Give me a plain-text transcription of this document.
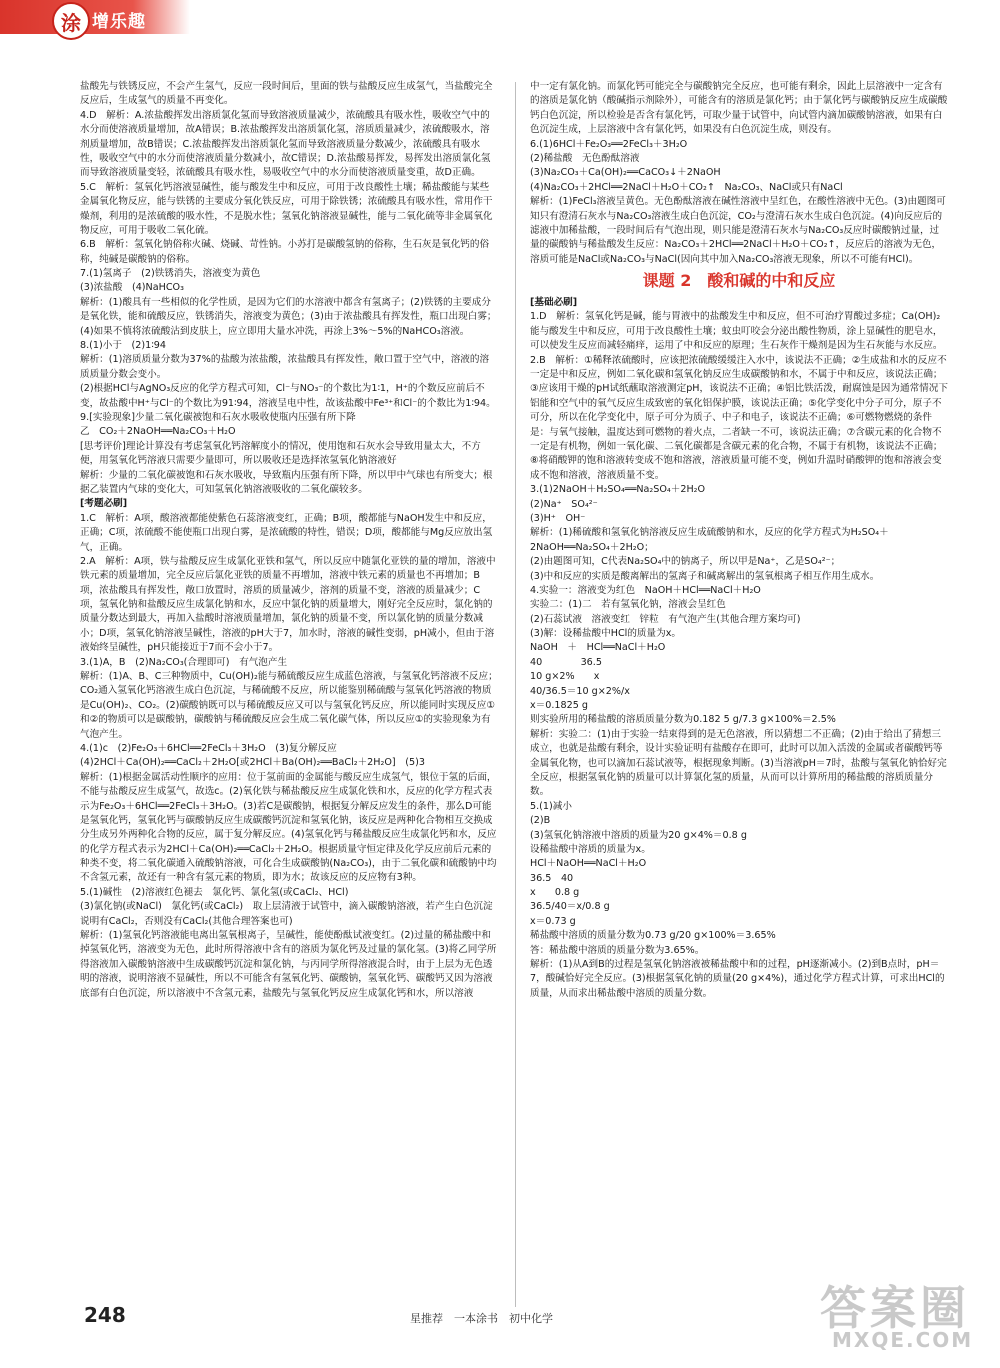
涂 增乐趣

盐酸先与铁锈反应，不会产生氢气，反应一段时间后，里面的铁与盐酸反应生成氢气，当盐酸完全反应后，生成氢气的质量不再变化。

4.D　解析：A.浓盐酸挥发出溶质氯化氢而导致溶液质量减少，浓硫酸具有吸水性，吸收空气中的水分而使溶液质量增加，故A错误；B.浓盐酸挥发出溶质氯化氢，溶质质量减少，浓硫酸吸水，溶剂质量增加，故B错误；C.浓盐酸挥发出溶质氯化氢而导致溶液质量分数减少，浓硫酸具有吸水性，吸收空气中的水分而使溶液质量分数减小，故C错误；D.浓盐酸易挥发，易挥发出溶质氯化氢而导致溶液质量变轻，浓硫酸具有吸水性，易吸收空气中的水分而使溶液质量变重，故D正确。

5.C　解析：氢氧化钙溶液显碱性，能与酸发生中和反应，可用于改良酸性土壤；稀盐酸能与某些金属氧化物反应，能与铁锈的主要成分氧化铁反应，可用于除铁锈；浓硫酸具有吸水性，常用作干燥剂，利用的是浓硫酸的吸水性，不是脱水性；氢氧化钠溶液显碱性，能与二氧化硫等非金属氧化物反应，可用于吸收二氧化硫。

6.B　解析：氢氧化钠俗称火碱、烧碱、苛性钠。小苏打是碳酸氢钠的俗称，生石灰是氧化钙的俗称，纯碱是碳酸钠的俗称。

7.(1)氢离子　(2)铁锈消失，溶液变为黄色
(3)浓盐酸　(4)NaHCO₃

解析：(1)酸具有一些相似的化学性质，是因为它们的水溶液中都含有氢离子；(2)铁锈的主要成分是氧化铁，能和硫酸反应，铁锈消失，溶液变为黄色；(3)由于浓盐酸具有挥发性，瓶口出现白雾；(4)如果不慎将浓硫酸沾到皮肤上，应立即用大量水冲洗，再涂上3%～5%的NaHCO₃溶液。

8.(1)小于　(2)1∶94

解析：(1)溶质质量分数为37%的盐酸为浓盐酸，浓盐酸具有挥发性，敞口置于空气中，溶液的溶质质量分数会变小。
(2)根据HCl与AgNO₃反应的化学方程式可知，Cl⁻与NO₃⁻的个数比为1∶1，H⁺的个数反应前后不变，故盐酸中H⁺与Cl⁻的个数比为91∶94，溶液呈电中性，故该盐酸中Fe³⁺和Cl⁻的个数比为1∶94。

9.[实验现象]少量二氧化碳被饱和石灰水吸收使瓶内压强有所下降
乙　CO₂＋2NaOH══Na₂CO₃＋H₂O
[思考评价]理论计算没有考虑氢氧化钙溶解度小的情况，使用饱和石灰水会导致用量太大，不方便，用氢氧化钙溶液只需要少量即可，所以吸收还是选择浓氢氧化钠溶液好

解析：少量的二氧化碳被饱和石灰水吸收，导致瓶内压强有所下降，所以甲中气球也有所变大；根据乙装置内气球的变化大，可知氢氧化钠溶液吸收的二氧化碳较多。

[考题必刷]

1.C　解析：A项，酸溶液都能使紫色石蕊溶液变红，正确；B项，酸都能与NaOH发生中和反应，正确；C项，浓硫酸不能使瓶口出现白雾，是浓硫酸的特性，错误；D项，酸都能与Mg反应放出氢气，正确。

2.A　解析：A项，铁与盐酸反应生成氯化亚铁和氢气，所以反应中随氯化亚铁的量的增加，溶液中铁元素的质量增加，完全反应后氯化亚铁的质量不再增加，溶液中铁元素的质量也不再增加；B项，浓盐酸具有挥发性，敞口放置时，溶质的质量减少，溶剂的质量不变，溶液的质量减少；C项，氢氧化钠和盐酸反应生成氯化钠和水，反应中氯化钠的质量增大，刚好完全反应时，氯化钠的质量分数达到最大，再加入盐酸时溶液质量增加，氯化钠的质量不变，所以氯化钠的质量分数减小；D项，氢氧化钠溶液呈碱性，溶液的pH大于7，加水时，溶液的碱性变弱，pH减小，但由于溶液始终呈碱性，pH只能接近于7而不会小于7。

3.(1)A，B　(2)Na₂CO₃(合理即可)　有气泡产生

解析：(1)A、B、C三种物质中，Cu(OH)₂能与稀硫酸反应生成蓝色溶液，与氢氧化钙溶液不反应；CO₂通入氢氧化钙溶液生成白色沉淀，与稀硫酸不反应，所以能鉴别稀硫酸与氢氧化钙溶液的物质是Cu(OH)₂、CO₂。(2)碳酸钠既可以与稀硫酸反应又可以与氢氧化钙反应，所以能同时实现反应①和②的物质可以是碳酸钠，碳酸钠与稀硫酸反应会生成二氧化碳气体，所以反应①的实验现象为有气泡产生。

4.(1)c　(2)Fe₂O₃＋6HCl══2FeCl₃＋3H₂O　(3)复分解反应
(4)2HCl＋Ca(OH)₂══CaCl₂＋2H₂O[或2HCl＋Ba(OH)₂══BaCl₂＋2H₂O]　(5)3

解析：(1)根据金属活动性顺序的应用：位于氢前面的金属能与酸反应生成氢气，银位于氢的后面，不能与盐酸反应生成氢气，故选c。(2)氧化铁与稀盐酸反应生成氯化铁和水，反应的化学方程式表示为Fe₂O₃＋6HCl══2FeCl₃＋3H₂O。(3)若C是碳酸钠，根据复分解反应发生的条件，那么D可能是氢氧化钙，氢氧化钙与碳酸钠反应生成碳酸钙沉淀和氢氧化钠，该反应是两种化合物相互交换成分生成另外两种化合物的反应，属于复分解反应。(4)氢氧化钙与稀盐酸反应生成氯化钙和水，反应的化学方程式表示为2HCl＋Ca(OH)₂══CaCl₂＋2H₂O。根据质量守恒定律及化学反应前后元素的种类不变，将二氧化碳通入硫酸钠溶液，可化合生成碳酸钠(Na₂CO₃)，由于二氧化碳和硫酸钠中均不含氢元素，故还有一种含有氢元素的物质，即为水；故该反应的反应物有3种。

5.(1)碱性　(2)溶液红色褪去　氯化钙、氯化氢(或CaCl₂、HCl)
(3)氯化钠(或NaCl)　氯化钙(或CaCl₂)　取上层清液于试管中，滴入碳酸钠溶液，若产生白色沉淀说明有CaCl₂，否则没有CaCl₂(其他合理答案也可)

解析：(1)氢氧化钙溶液能电离出氢氧根离子，呈碱性，能使酚酞试液变红。(2)过量的稀盐酸中和掉氢氧化钙，溶液变为无色，此时所得溶液中含有的溶质为氯化钙及过量的氯化氢。(3)将乙同学所得溶液加入碳酸钠溶液中生成碳酸钙沉淀和氯化钠，与丙同学所得溶液混合时，由于上层为无色透明的溶液，说明溶液不显碱性，所以不可能含有氢氧化钙、碳酸钠，氢氧化钙、碳酸钙又因为溶液底部有白色沉淀，所以溶液中不含氢元素，盐酸先与氢氧化钙反应生成氯化钙和水，所以溶液

中一定有氯化钠。而氯化钙可能完全与碳酸钠完全反应，也可能有剩余，因此上层溶液中一定含有的溶质是氯化钠（酸碱指示剂除外），可能含有的溶质是氯化钙；由于氯化钙与碳酸钠反应生成碳酸钙白色沉淀，所以检验是否含有氯化钙，可取少量于试管中，向试管内滴加碳酸钠溶液，如果有白色沉淀生成，上层溶液中含有氯化钙，如果没有白色沉淀生成，则没有。

6.(1)6HCl＋Fe₂O₃══2FeCl₃＋3H₂O
(2)稀盐酸　无色酚酞溶液
(3)Na₂CO₃＋Ca(OH)₂══CaCO₃↓＋2NaOH
(4)Na₂CO₃＋2HCl══2NaCl＋H₂O＋CO₂↑　Na₂CO₃、NaCl或只有NaCl

解析：(1)FeCl₃溶液呈黄色。无色酚酞溶液在碱性溶液中呈红色，在酸性溶液中无色。(3)由题图可知只有澄清石灰水与Na₂CO₃溶液生成白色沉淀，CO₂与澄清石灰水生成白色沉淀。(4)向反应后的滤液中加稀盐酸，一段时间后有气泡出现，则只能是澄清石灰水与Na₂CO₃反应时碳酸钠过量，过量的碳酸钠与稀盐酸发生反应：Na₂CO₃＋2HCl══2NaCl＋H₂O＋CO₂↑，反应后的溶液为无色，溶质可能是NaCl或Na₂CO₃与NaCl(因向其中加入Na₂CO₃溶液无现象，所以不可能有HCl)。

课题 2　酸和碱的中和反应

[基础必刷]

1.D　解析：氢氧化钙是碱，能与胃液中的盐酸发生中和反应，但不可治疗胃酸过多症；Ca(OH)₂能与酸发生中和反应，可用于改良酸性土壤；蚊虫叮咬会分泌出酸性物质，涂上显碱性的肥皂水，可以使发生反应而减轻痛痒，运用了中和反应的原理；生石灰作干燥剂是因为生石灰能与水反应。

2.B　解析：①稀释浓硫酸时，应该把浓硫酸缓缓注入水中，该说法不正确；②生成盐和水的反应不一定是中和反应，例如二氧化碳和氢氧化钠反应生成碳酸钠和水，不属于中和反应，该说法正确；③应该用干燥的pH试纸蘸取溶液测定pH，该说法不正确；④铝比铁活泼，耐腐蚀是因为通常情况下铝能和空气中的氧气反应生成致密的氧化铝保护膜，该说法正确；⑤化学变化中分子可分，原子不可分，所以在化学变化中，原子可分为质子、中子和电子，该说法不正确；⑥可燃物燃烧的条件是：与氧气接触，温度达到可燃物的着火点，二者缺一不可，该说法正确；⑦含碳元素的化合物不一定是有机物，例如一氧化碳、二氧化碳都是含碳元素的化合物，不属于有机物，该说法不正确；⑧将硝酸钾的饱和溶液转变成不饱和溶液，溶液质量可能不变，例如升温时硝酸钾的饱和溶液会变成不饱和溶液，溶液质量不变。

3.(1)2NaOH＋H₂SO₄══Na₂SO₄＋2H₂O
(2)Na⁺　SO₄²⁻
(3)H⁺　OH⁻

解析：(1)稀硫酸和氢氧化钠溶液反应生成硫酸钠和水，反应的化学方程式为H₂SO₄＋2NaOH══Na₂SO₄＋2H₂O；
(2)由题图可知，C代表Na₂SO₄中的钠离子，所以甲是Na⁺，乙是SO₄²⁻；
(3)中和反应的实质是酸离解出的氢离子和碱离解出的氢氧根离子相互作用生成水。

4.实验一：溶液变为红色　NaOH＋HCl══NaCl＋H₂O
实验二：(1)二　若有氢氧化钠，溶液会呈红色
(2)石蕊试液　溶液变红　锌粒　有气泡产生(其他合理方案均可)
(3)解：设稀盐酸中HCl的质量为x。
NaOH　＋　HCl══NaCl＋H₂O
40　　　　36.5
10 g×2%　　x
40/36.5＝10 g×2%/x
x＝0.1825 g
则实验所用的稀盐酸的溶质质量分数为0.182 5 g/7.3 g×100%＝2.5%

解析：实验二：(1)由于实验一结束得到的是无色溶液，所以猜想二不正确；(2)由于给出了猜想三成立，也就是盐酸有剩余，设计实验证明有盐酸存在即可，此时可以加入活泼的金属或者碳酸钙等金属氧化物，也可以滴加石蕊试液等，根据现象判断。(3)当溶液pH＝7时，盐酸与氢氧化钠恰好完全反应，根据氢氧化钠的质量可以计算氯化氢的质量，从而可以计算所用的稀盐酸的溶质质量分数。

5.(1)减小
(2)B
(3)氢氧化钠溶液中溶质的质量为20 g×4%＝0.8 g
设稀盐酸中溶质的质量为x。
HCl＋NaOH══NaCl＋H₂O
36.5　40
x　　0.8 g
36.5/40＝x/0.8 g
x＝0.73 g
稀盐酸中溶质的质量分数为0.73 g/20 g×100%＝3.65%
答：稀盐酸中溶质的质量分数为3.65%。

解析：(1)从A到B的过程是氢氧化钠溶液被稀盐酸中和的过程，pH逐渐减小。(2)到B点时，pH＝7，酸碱恰好完全反应。(3)根据氢氧化钠的质量(20 g×4%)，通过化学方程式计算，可求出HCl的质量，从而求出稀盐酸中溶质的质量分数。

248	星推荐　一本涂书　初中化学	答案圈
MXQE.COM
